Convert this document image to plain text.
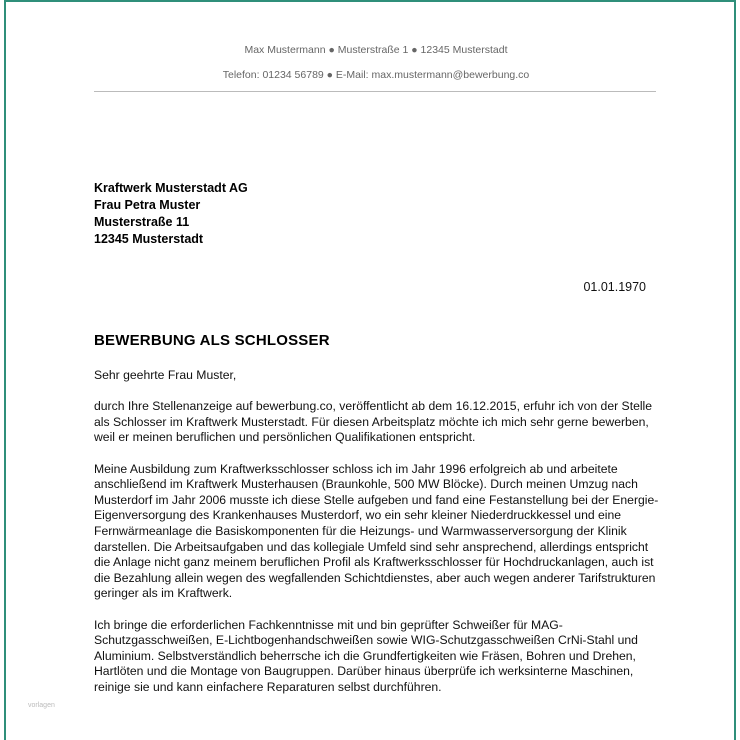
Max Mustermann ● Musterstraße 1 ● 12345 Musterstadt
Telefon: 01234 56789 ● E-Mail: max.mustermann@bewerbung.co
Kraftwerk Musterstadt AG
Frau Petra Muster
Musterstraße 11
12345 Musterstadt
01.01.1970
BEWERBUNG ALS SCHLOSSER

Sehr geehrte Frau Muster,

durch Ihre Stellenanzeige auf bewerbung.co, veröffentlicht ab dem 16.12.2015, erfuhr ich von der Stelle als Schlosser im Kraftwerk Musterstadt. Für diesen Arbeitsplatz möchte ich mich sehr gerne bewerben, weil er meinen beruflichen und persönlichen Qualifikationen entspricht.

Meine Ausbildung zum Kraftwerksschlosser schloss ich im Jahr 1996 erfolgreich ab und arbeitete anschließend im Kraftwerk Musterhausen (Braunkohle, 500 MW Blöcke). Durch meinen Umzug nach Musterdorf im Jahr 2006 musste ich diese Stelle aufgeben und fand eine Festanstellung bei der Energie-Eigenversorgung des Krankenhauses Musterdorf, wo ein sehr kleiner Niederdruckkessel und eine Fernwärmeanlage die Basiskomponenten für die Heizungs- und Warmwasserversorgung der Klinik darstellen. Die Arbeitsaufgaben und das kollegiale Umfeld sind sehr ansprechend, allerdings entspricht die Anlage nicht ganz meinem beruflichen Profil als Kraftwerksschlosser für Hochdruckanlagen, auch ist die Bezahlung allein wegen des wegfallenden Schichtdienstes, aber auch wegen anderer Tarifstrukturen geringer als im Kraftwerk.

Ich bringe die erforderlichen Fachkenntnisse mit und bin geprüfter Schweißer für MAG-Schutzgasschweißen, E-Lichtbogenhandschweißen sowie WIG-Schutzgasschweißen CrNi-Stahl und Aluminium. Selbstverständlich beherrsche ich die Grundfertigkeiten wie Fräsen, Bohren und Drehen, Hartlöten und die Montage von Baugruppen. Darüber hinaus überprüfe ich werksinterne Maschinen, reinige sie und kann einfachere Reparaturen selbst durchführen.

vorlagen
